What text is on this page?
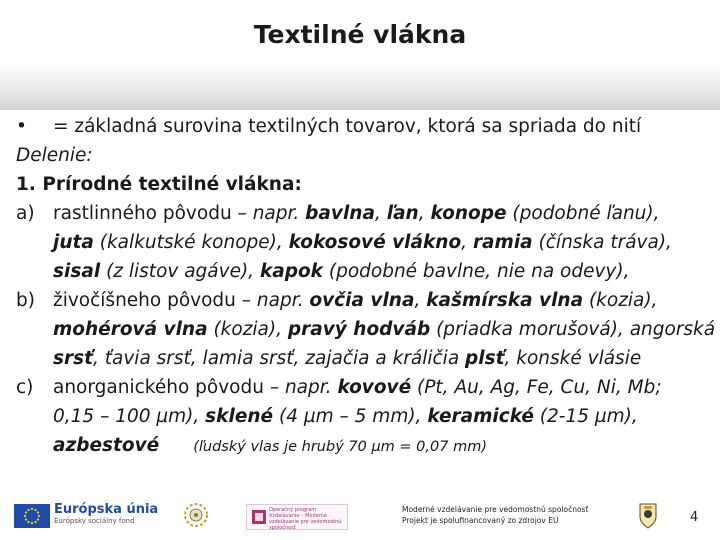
Textilné vlákna
• = základná surovina textilných tovarov, ktorá sa spriada do nití
Delenie:
1. Prírodné textilné vlákna:
a) rastlinného pôvodu – napr. bavlna, ľan, konope (podobné ľanu),
juta (kalkutské konope), kokosové vlákno, ramia (čínska tráva),
sisal (z listov agáve), kapok (podobné bavlne, nie na odevy),
b) živočíšneho pôvodu – napr. ovčia vlna, kašmírska vlna (kozia),
mohérová vlna (kozia), pravý hodváb (priadka morušová), angorská
srsť, ťavia srsť, lamia srsť, zajačia a králičia plsť, konské vlásie
c) anorganického pôvodu – napr. kovové (Pt, Au, Ag, Fe, Cu, Ni, Mb;
0,15 – 100 µm), sklené (4 µm – 5 mm), keramické (2-15 µm),
azbestové (ľudský vlas je hrubý 70 µm = 0,07 mm)
Európska únia
Európsky sociálny fond
Operačný program Vzdelávanie – Moderné vzdelávanie pre vedomostnú spoločnosť
Moderné vzdelávanie pre vedomostnú spoločnosť
Projekt je spolufinancovaný zo zdrojov EÚ	4
